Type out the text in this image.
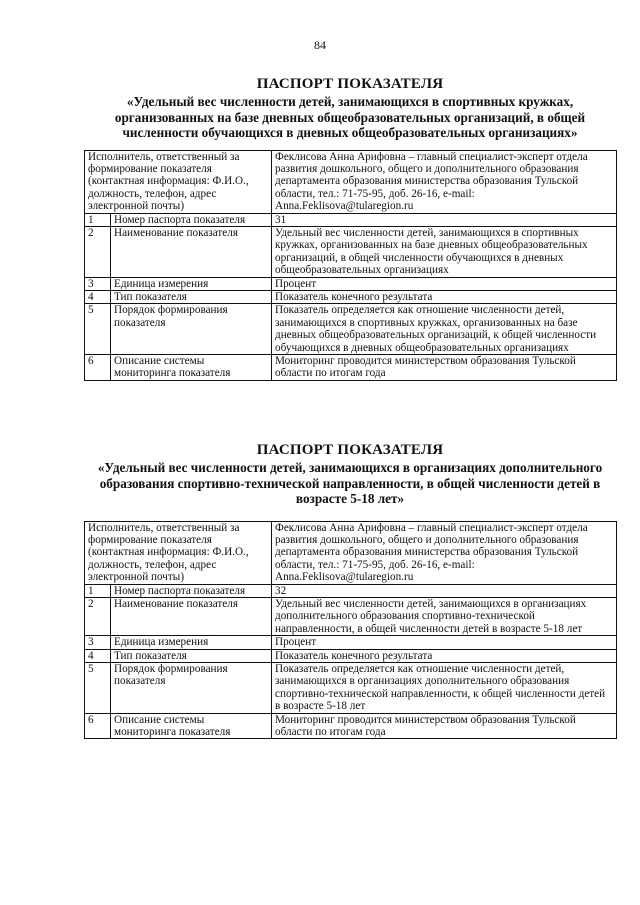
84

ПАСПОРТ ПОКАЗАТЕЛЯ

«Удельный вес численности детей, занимающихся в спортивных кружках, организованных на базе дневных общеобразовательных организаций, в общей численности обучающихся в дневных общеобразовательных организациях»

Исполнитель, ответственный за формирование показателя (контактная информация: Ф.И.О., должность, телефон, адрес электронной почты)		Феклисова Анна Арифовна – главный специалист-эксперт отдела развития дошкольного, общего и дополнительного образования департамента образования министерства образования Тульской области, тел.: 71-75-95, доб. 26-16, e-mail: Anna.Feklisova@tularegion.ru
1	Номер паспорта показателя	31
2	Наименование показателя	Удельный вес численности детей, занимающихся в спортивных кружках, организованных на базе дневных общеобразовательных организаций, в общей численности обучающихся в дневных общеобразовательных организациях
3	Единица измерения	Процент
4	Тип показателя	Показатель конечного результата
5	Порядок формирования показателя	Показатель определяется как отношение численности детей, занимающихся в спортивных кружках, организованных на базе дневных общеобразовательных организаций, к общей численности обучающихся в дневных общеобразовательных организациях
6	Описание системы мониторинга показателя	Мониторинг проводится министерством образования Тульской области по итогам года

ПАСПОРТ ПОКАЗАТЕЛЯ

«Удельный вес численности детей, занимающихся в организациях дополнительного образования спортивно-технической направленности, в общей численности детей в возрасте 5-18 лет»

Исполнитель, ответственный за формирование показателя (контактная информация: Ф.И.О., должность, телефон, адрес электронной почты)		Феклисова Анна Арифовна – главный специалист-эксперт отдела развития дошкольного, общего и дополнительного образования департамента образования министерства образования Тульской области, тел.: 71-75-95, доб. 26-16, e-mail: Anna.Feklisova@tularegion.ru
1	Номер паспорта показателя	32
2	Наименование показателя	Удельный вес численности детей, занимающихся в организациях дополнительного образования спортивно-технической направленности, в общей численности детей в возрасте 5-18 лет
3	Единица измерения	Процент
4	Тип показателя	Показатель конечного результата
5	Порядок формирования показателя	Показатель определяется как отношение численности детей, занимающихся в организациях дополнительного образования спортивно-технической направленности, к общей численности детей в возрасте 5-18 лет
6	Описание системы мониторинга показателя	Мониторинг проводится министерством образования Тульской области по итогам года
